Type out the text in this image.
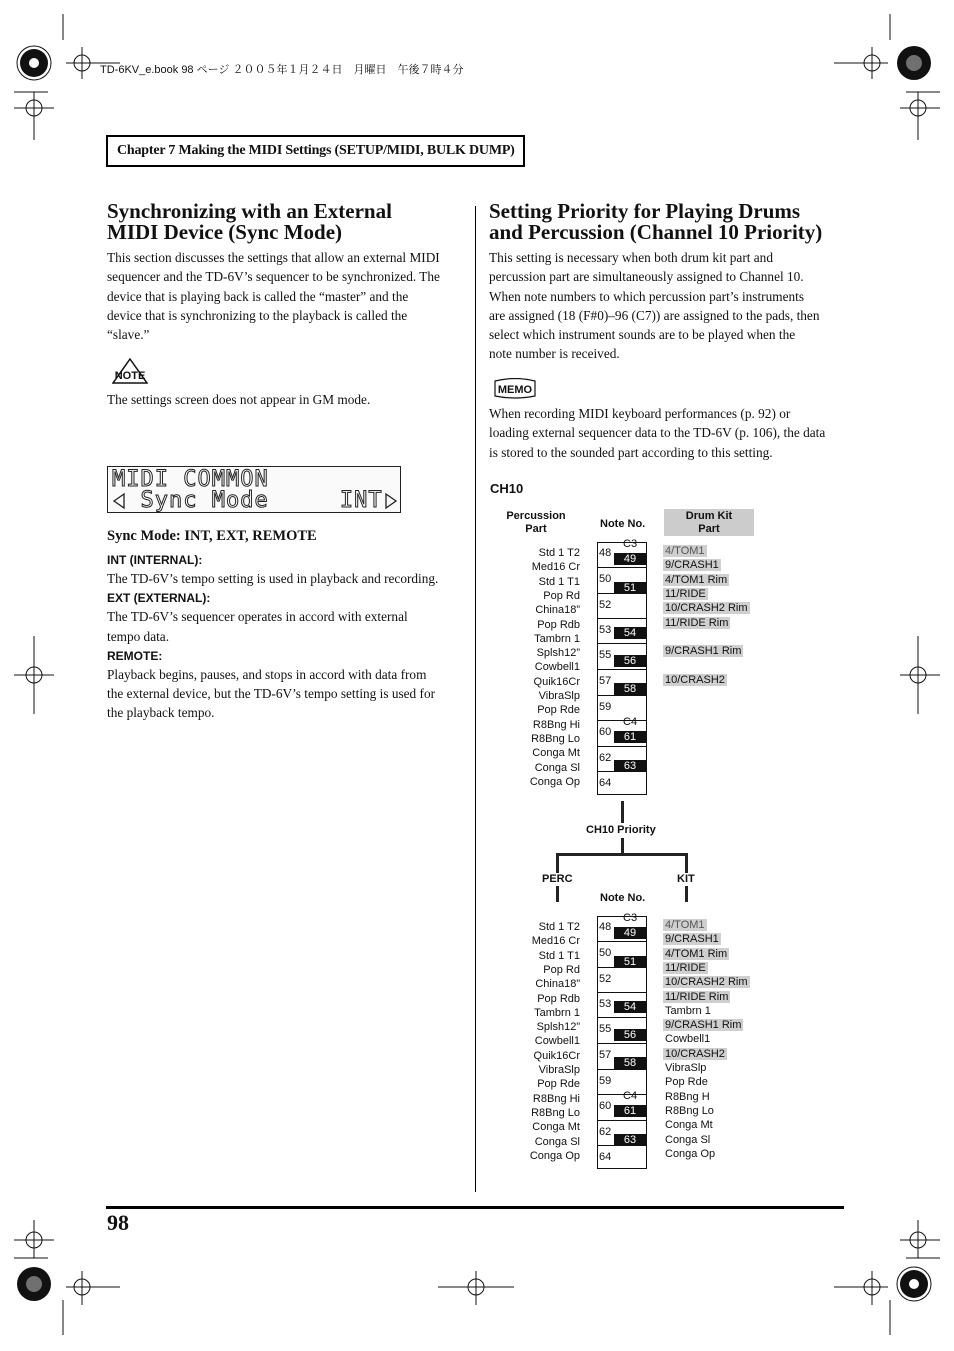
TD-6KV_e.book 98 ページ ２００５年１月２４日　月曜日　午後７時４分
Chapter 7 Making the MIDI Settings (SETUP/MIDI, BULK DUMP)
Synchronizing with an External
MIDI Device (Sync Mode)
This section discusses the settings that allow an external MIDI
sequencer and the TD-6V’s sequencer to be synchronized. The
device that is playing back is called the “master” and the
device that is synchronizing to the playback is called the
“slave.”
NOTE
The settings screen does not appear in GM mode.
MIDI COMMON
Sync Mode     INT
Sync Mode: INT, EXT, REMOTE
INT (INTERNAL):
The TD-6V’s tempo setting is used in playback and recording.
EXT (EXTERNAL):
The TD-6V’s sequencer operates in accord with external
tempo data.
REMOTE:
Playback begins, pauses, and stops in accord with data from
the external device, but the TD-6V’s tempo setting is used for
the playback tempo.
Setting Priority for Playing Drums
and Percussion (Channel 10 Priority)
This setting is necessary when both drum kit part and
percussion part are simultaneously assigned to Channel 10.
When note numbers to which percussion part’s instruments
are assigned (18 (F#0)–96 (C7)) are assigned to the pads, then
select which instrument sounds are to be played when the
note number is received.
MEMO
When recording MIDI keyboard performances (p. 92) or
loading external sequencer data to the TD-6V (p. 106), the data
is stored to the sounded part according to this setting.
CH10
Percussion
Part	Note No.
Drum Kit
Part
Std 1 T2
Med16 Cr
Std 1 T1
Pop Rd
China18”
Pop Rdb
Tambrn 1
Splsh12”
Cowbell1
Quik16Cr
VibraSlp
Pop Rde
R8Bng Hi
R8Bng Lo
Conga Mt
Conga Sl
Conga Op
48
50
52
53
55
57
59
60
62
64
49
51
54
56
58
61
63
C3
C4
4/TOM1
9/CRASH1
4/TOM1 Rim
11/RIDE
10/CRASH2 Rim
11/RIDE Rim
9/CRASH1 Rim
10/CRASH2
CH10 Priority
PERC	KIT
Note No.
Std 1 T2
Med16 Cr
Std 1 T1
Pop Rd
China18”
Pop Rdb
Tambrn 1
Splsh12”
Cowbell1
Quik16Cr
VibraSlp
Pop Rde
R8Bng Hi
R8Bng Lo
Conga Mt
Conga Sl
Conga Op
48
50
52
53
55
57
59
60
62
64
49
51
54
56
58
61
63
C3
C4
4/TOM1
9/CRASH1
4/TOM1 Rim
11/RIDE
10/CRASH2 Rim
11/RIDE Rim
Tambrn 1
9/CRASH1 Rim
Cowbell1
10/CRASH2
VibraSlp
Pop Rde
R8Bng H
R8Bng Lo
Conga Mt
Conga Sl
Conga Op
98
